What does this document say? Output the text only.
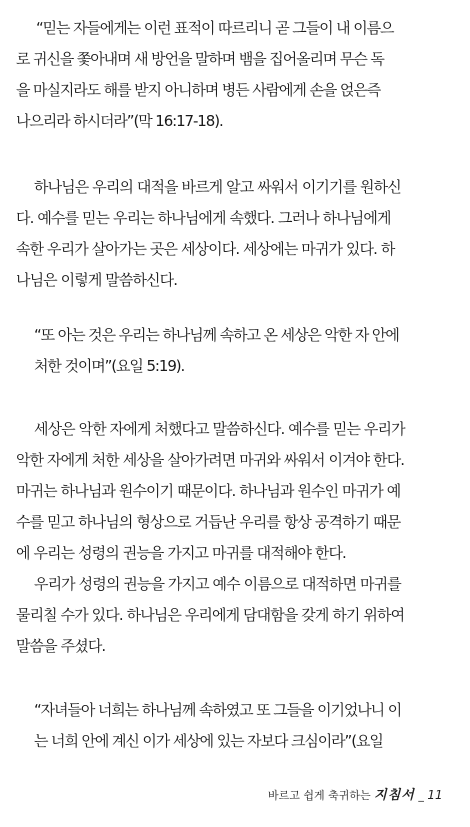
“믿는 자들에게는 이런 표적이 따르리니 곧 그들이 내 이름으
로 귀신을 쫓아내며 새 방언을 말하며 뱀을 집어올리며 무슨 독
을 마실지라도 해를 받지 아니하며 병든 사람에게 손을 얹은즉
나으리라 하시더라”(막 16:17-18).
하나님은 우리의 대적을 바르게 알고 싸워서 이기기를 원하신
다. 예수를 믿는 우리는 하나님에게 속했다. 그러나 하나님에게
속한 우리가 살아가는 곳은 세상이다. 세상에는 마귀가 있다. 하
나님은 이렇게 말씀하신다.
“또 아는 것은 우리는 하나님께 속하고 온 세상은 악한 자 안에
처한 것이며”(요일 5:19).
세상은 악한 자에게 처했다고 말씀하신다. 예수를 믿는 우리가
악한 자에게 처한 세상을 살아가려면 마귀와 싸워서 이겨야 한다.
마귀는 하나님과 원수이기 때문이다. 하나님과 원수인 마귀가 예
수를 믿고 하나님의 형상으로 거듭난 우리를 항상 공격하기 때문
에 우리는 성령의 권능을 가지고 마귀를 대적해야 한다.
우리가 성령의 권능을 가지고 예수 이름으로 대적하면 마귀를
물리칠 수가 있다. 하나님은 우리에게 담대함을 갖게 하기 위하여
말씀을 주셨다.
“자녀들아 너희는 하나님께 속하였고 또 그들을 이기었나니 이
는 너희 안에 계신 이가 세상에 있는 자보다 크심이라”(요일
바르고 쉽게 축귀하는 지침서 _ 11
